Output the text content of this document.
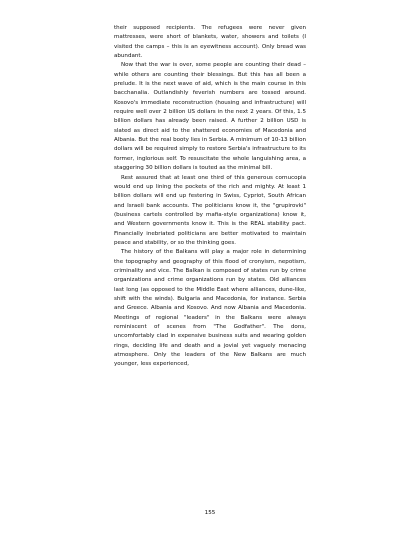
their supposed recipients. The refugees were never given mattresses, were short of blankets, water, showers and toilets (I visited the camps – this is an eyewitness account). Only bread was abundant.

Now that the war is over, some people are counting their dead – while others are counting their blessings. But this has all been a prelude. It is the next wave of aid, which is the main course in this bacchanalia. Outlandishly feverish numbers are tossed around. Kosovo's immediate reconstruction (housing and infrastructure) will require well over 2 billion US dollars in the next 2 years. Of this, 1.5 billion dollars has already been raised. A further 2 billion USD is slated as direct aid to the shattered economies of Macedonia and Albania. But the real booty lies in Serbia. A minimum of 10-13 billion dollars will be required simply to restore Serbia's infrastructure to its former, inglorious self. To resuscitate the whole languishing area, a staggering 30 billion dollars is touted as the minimal bill.

Rest assured that at least one third of this generous cornucopia would end up lining the pockets of the rich and mighty. At least 1 billion dollars will end up festering in Swiss, Cypriot, South African and Israeli bank accounts. The politicians know it, the "grupirovki" (business cartels controlled by mafia-style organizations) know it, and Western governments know it. This is the REAL stability pact. Financially inebriated politicians are better motivated to maintain peace and stability, or so the thinking goes.

The history of the Balkans will play a major role in determining the topography and geography of this flood of cronyism, nepotism, criminality and vice. The Balkan is composed of states run by crime organizations and crime organizations run by states. Old alliances last long (as opposed to the Middle East where alliances, dune-like, shift with the winds). Bulgaria and Macedonia, for instance. Serbia and Greece. Albania and Kosovo. And now Albania and Macedonia. Meetings of regional "leaders" in the Balkans were always reminiscent of scenes from "The Godfather". The dons, uncomfortably clad in expensive business suits and wearing golden rings, deciding life and death and a jovial yet vaguely menacing atmosphere. Only the leaders of the New Balkans are much younger, less experienced,

155
